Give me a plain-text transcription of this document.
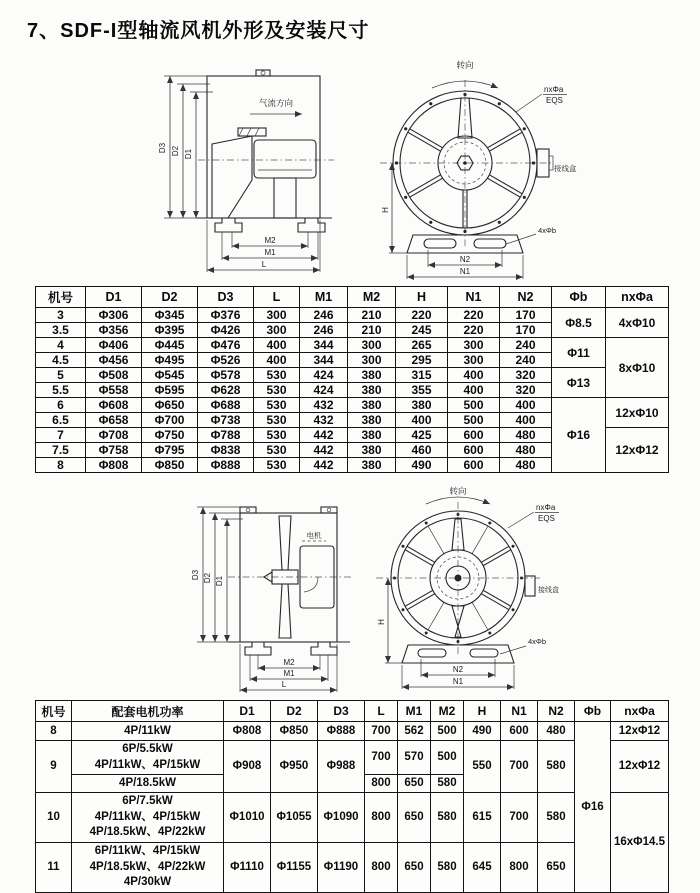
7、SDF-I型轴流风机外形及安装尺寸
D3 D2 D1
气流方向
M2
M1
L
转向
nxΦa
EQS
接线盒
4xΦb
N2
N1
H
机号	D1	D2	D3	L	M1	M2	H	N1	N2	Φb	nxΦa
3	Φ306	Φ345	Φ376	300	246	210	220	220	170	Φ8.5	4xΦ10
3.5	Φ356	Φ395	Φ426	300	246	210	245	220	170		
4	Φ406	Φ445	Φ476	400	344	300	265	300	240	Φ11	8xΦ10
4.5	Φ456	Φ495	Φ526	400	344	300	295	300	240		
5	Φ508	Φ545	Φ578	530	424	380	315	400	320	Φ13	
5.5	Φ558	Φ595	Φ628	530	424	380	355	400	320		
6	Φ608	Φ650	Φ688	530	432	380	380	500	400	Φ16	12xΦ10
6.5	Φ658	Φ700	Φ738	530	432	380	400	500	400		
7	Φ708	Φ750	Φ788	530	442	380	425	600	480		12xΦ12
7.5	Φ758	Φ795	Φ838	530	442	380	460	600	480		
8	Φ808	Φ850	Φ888	530	442	380	490	600	480		
D3 D2 D1
电机
M2
M1
L
转向
nxΦa
EQS
接线盒
4xΦb
N2
N1
H
机号	配套电机功率	D1	D2	D3	L	M1	M2	H	N1	N2	Φb	nxΦa
8	4P/11kW	Φ808	Φ850	Φ888	700	562	500	490	600	480	Φ16	12xΦ12
9	6P/5.5kW
4P/11kW、4P/15kW	Φ908	Φ950	Φ988	700	570	500	550	700	580		12xΦ12
	4P/18.5kW				800	650	580					
10	6P/7.5kW
4P/11kW、4P/15kW
4P/18.5kW、4P/22kW	Φ1010	Φ1055	Φ1090	800	650	580	615	700	580		16xΦ14.5
11	6P/11kW、4P/15kW
4P/18.5kW、4P/22kW
4P/30kW	Φ1110	Φ1155	Φ1190	800	650	580	645	800	650		
